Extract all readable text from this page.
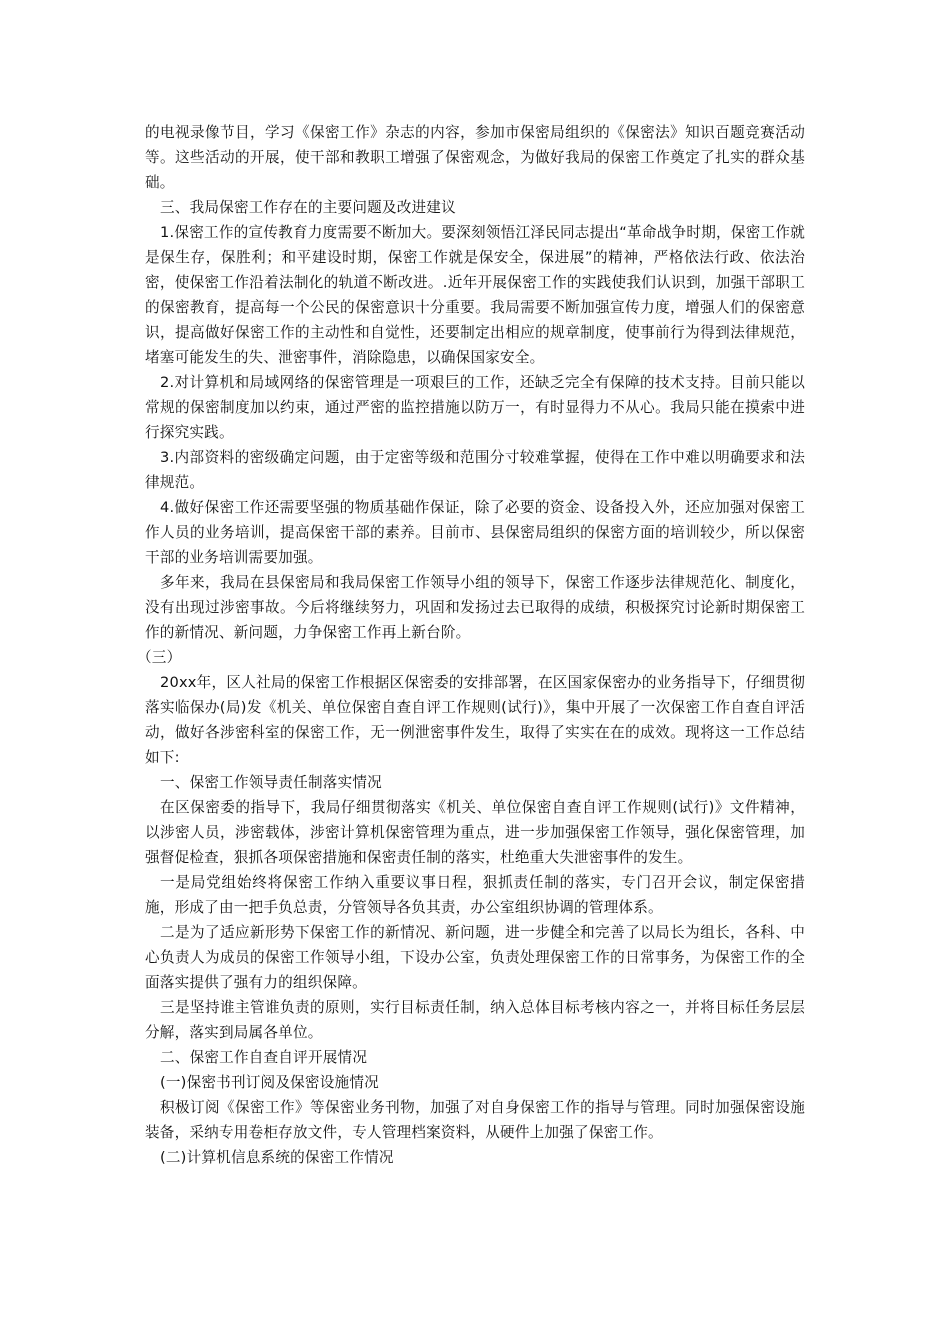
的电视录像节目，学习《保密工作》杂志的内容，参加市保密局组织的《保密法》知识百题竞赛活动等。这些活动的开展，使干部和教职工增强了保密观念，为做好我局的保密工作奠定了扎实的群众基础。

三、我局保密工作存在的主要问题及改进建议

1.保密工作的宣传教育力度需要不断加大。要深刻领悟江泽民同志提出“革命战争时期，保密工作就是保生存，保胜利；和平建设时期，保密工作就是保安全，保进展”的精神，严格依法行政、依法治密，使保密工作沿着法制化的轨道不断改进。.近年开展保密工作的实践使我们认识到，加强干部职工的保密教育，提高每一个公民的保密意识十分重要。我局需要不断加强宣传力度，增强人们的保密意识，提高做好保密工作的主动性和自觉性，还要制定出相应的规章制度，使事前行为得到法律规范，堵塞可能发生的失、泄密事件，消除隐患，以确保国家安全。

2.对计算机和局域网络的保密管理是一项艰巨的工作，还缺乏完全有保障的技术支持。目前只能以常规的保密制度加以约束，通过严密的监控措施以防万一，有时显得力不从心。我局只能在摸索中进行探究实践。

3.内部资料的密级确定问题，由于定密等级和范围分寸较难掌握，使得在工作中难以明确要求和法律规范。

4.做好保密工作还需要坚强的物质基础作保证，除了必要的资金、设备投入外，还应加强对保密工作人员的业务培训，提高保密干部的素养。目前市、县保密局组织的保密方面的培训较少，所以保密干部的业务培训需要加强。

多年来，我局在县保密局和我局保密工作领导小组的领导下，保密工作逐步法律规范化、制度化，没有出现过涉密事故。今后将继续努力，巩固和发扬过去已取得的成绩，积极探究讨论新时期保密工作的新情况、新问题，力争保密工作再上新台阶。

（三）

20xx年，区人社局的保密工作根据区保密委的安排部署，在区国家保密办的业务指导下，仔细贯彻落实临保办(局)发《机关、单位保密自查自评工作规则(试行)》，集中开展了一次保密工作自查自评活动，做好各涉密科室的保密工作，无一例泄密事件发生，取得了实实在在的成效。现将这一工作总结如下:

一、保密工作领导责任制落实情况

在区保密委的指导下，我局仔细贯彻落实《机关、单位保密自查自评工作规则(试行)》文件精神，以涉密人员，涉密载体，涉密计算机保密管理为重点，进一步加强保密工作领导，强化保密管理，加强督促检查，狠抓各项保密措施和保密责任制的落实，杜绝重大失泄密事件的发生。

一是局党组始终将保密工作纳入重要议事日程，狠抓责任制的落实，专门召开会议，制定保密措施，形成了由一把手负总责，分管领导各负其责，办公室组织协调的管理体系。

二是为了适应新形势下保密工作的新情况、新问题，进一步健全和完善了以局长为组长，各科、中心负责人为成员的保密工作领导小组，下设办公室，负责处理保密工作的日常事务，为保密工作的全面落实提供了强有力的组织保障。

三是坚持谁主管谁负责的原则，实行目标责任制，纳入总体目标考核内容之一，并将目标任务层层分解，落实到局属各单位。

二、保密工作自查自评开展情况

(一)保密书刊订阅及保密设施情况

积极订阅《保密工作》等保密业务刊物，加强了对自身保密工作的指导与管理。同时加强保密设施装备，采纳专用卷柜存放文件，专人管理档案资料，从硬件上加强了保密工作。

(二)计算机信息系统的保密工作情况
